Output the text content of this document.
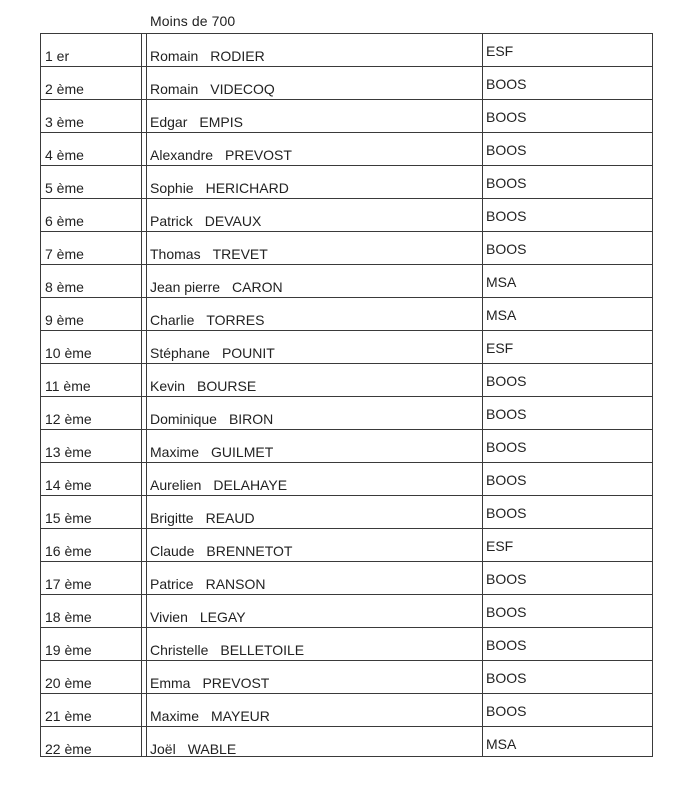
Moins de 700
1 er	Romain RODIER	ESF
2 ème	Romain VIDECOQ	BOOS
3 ème	Edgar EMPIS	BOOS
4 ème	Alexandre PREVOST	BOOS
5 ème	Sophie HERICHARD	BOOS
6 ème	Patrick DEVAUX	BOOS
7 ème	Thomas TREVET	BOOS
8 ème	Jean pierre CARON	MSA
9 ème	Charlie TORRES	MSA
10 ème	Stéphane POUNIT	ESF
11 ème	Kevin BOURSE	BOOS
12 ème	Dominique BIRON	BOOS
13 ème	Maxime GUILMET	BOOS
14 ème	Aurelien DELAHAYE	BOOS
15 ème	Brigitte REAUD	BOOS
16 ème	Claude BRENNETOT	ESF
17 ème	Patrice RANSON	BOOS
18 ème	Vivien LEGAY	BOOS
19 ème	Christelle BELLETOILE	BOOS
20 ème	Emma PREVOST	BOOS
21 ème	Maxime MAYEUR	BOOS
22 ème	Joël WABLE	MSA
